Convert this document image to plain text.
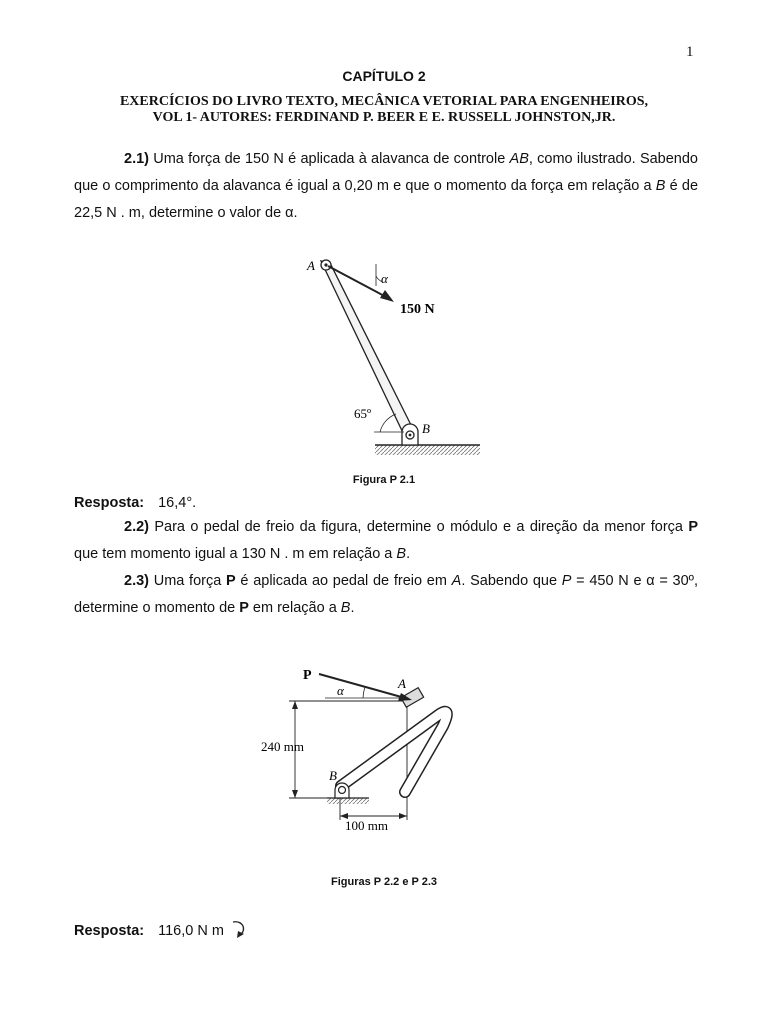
1
CAPÍTULO 2
EXERCÍCIOS DO LIVRO TEXTO, MECÂNICA VETORIAL PARA ENGENHEIROS,
VOL 1- AUTORES: FERDINAND P. BEER E E. RUSSELL JOHNSTON,JR.
2.1) Uma força de 150 N é aplicada à alavanca de controle AB, como ilustrado. Sabendo que o comprimento da alavanca é igual a 0,20 m e que o momento da força em relação a B é de 22,5 N . m, determine o valor de α.
A
α
150 N
65º
B
Figura P 2.1
Resposta: 16,4°.
2.2) Para o pedal de freio da figura, determine o módulo e a direção da menor força P que tem momento igual a 130 N . m em relação a B.
2.3) Uma força P é aplicada ao pedal de freio em A. Sabendo que P = 450 N e α = 30º, determine o momento de P em relação a B.
P
α	A
240 mm
B
100 mm
Figuras P 2.2 e P 2.3
Resposta: 116,0 N m
